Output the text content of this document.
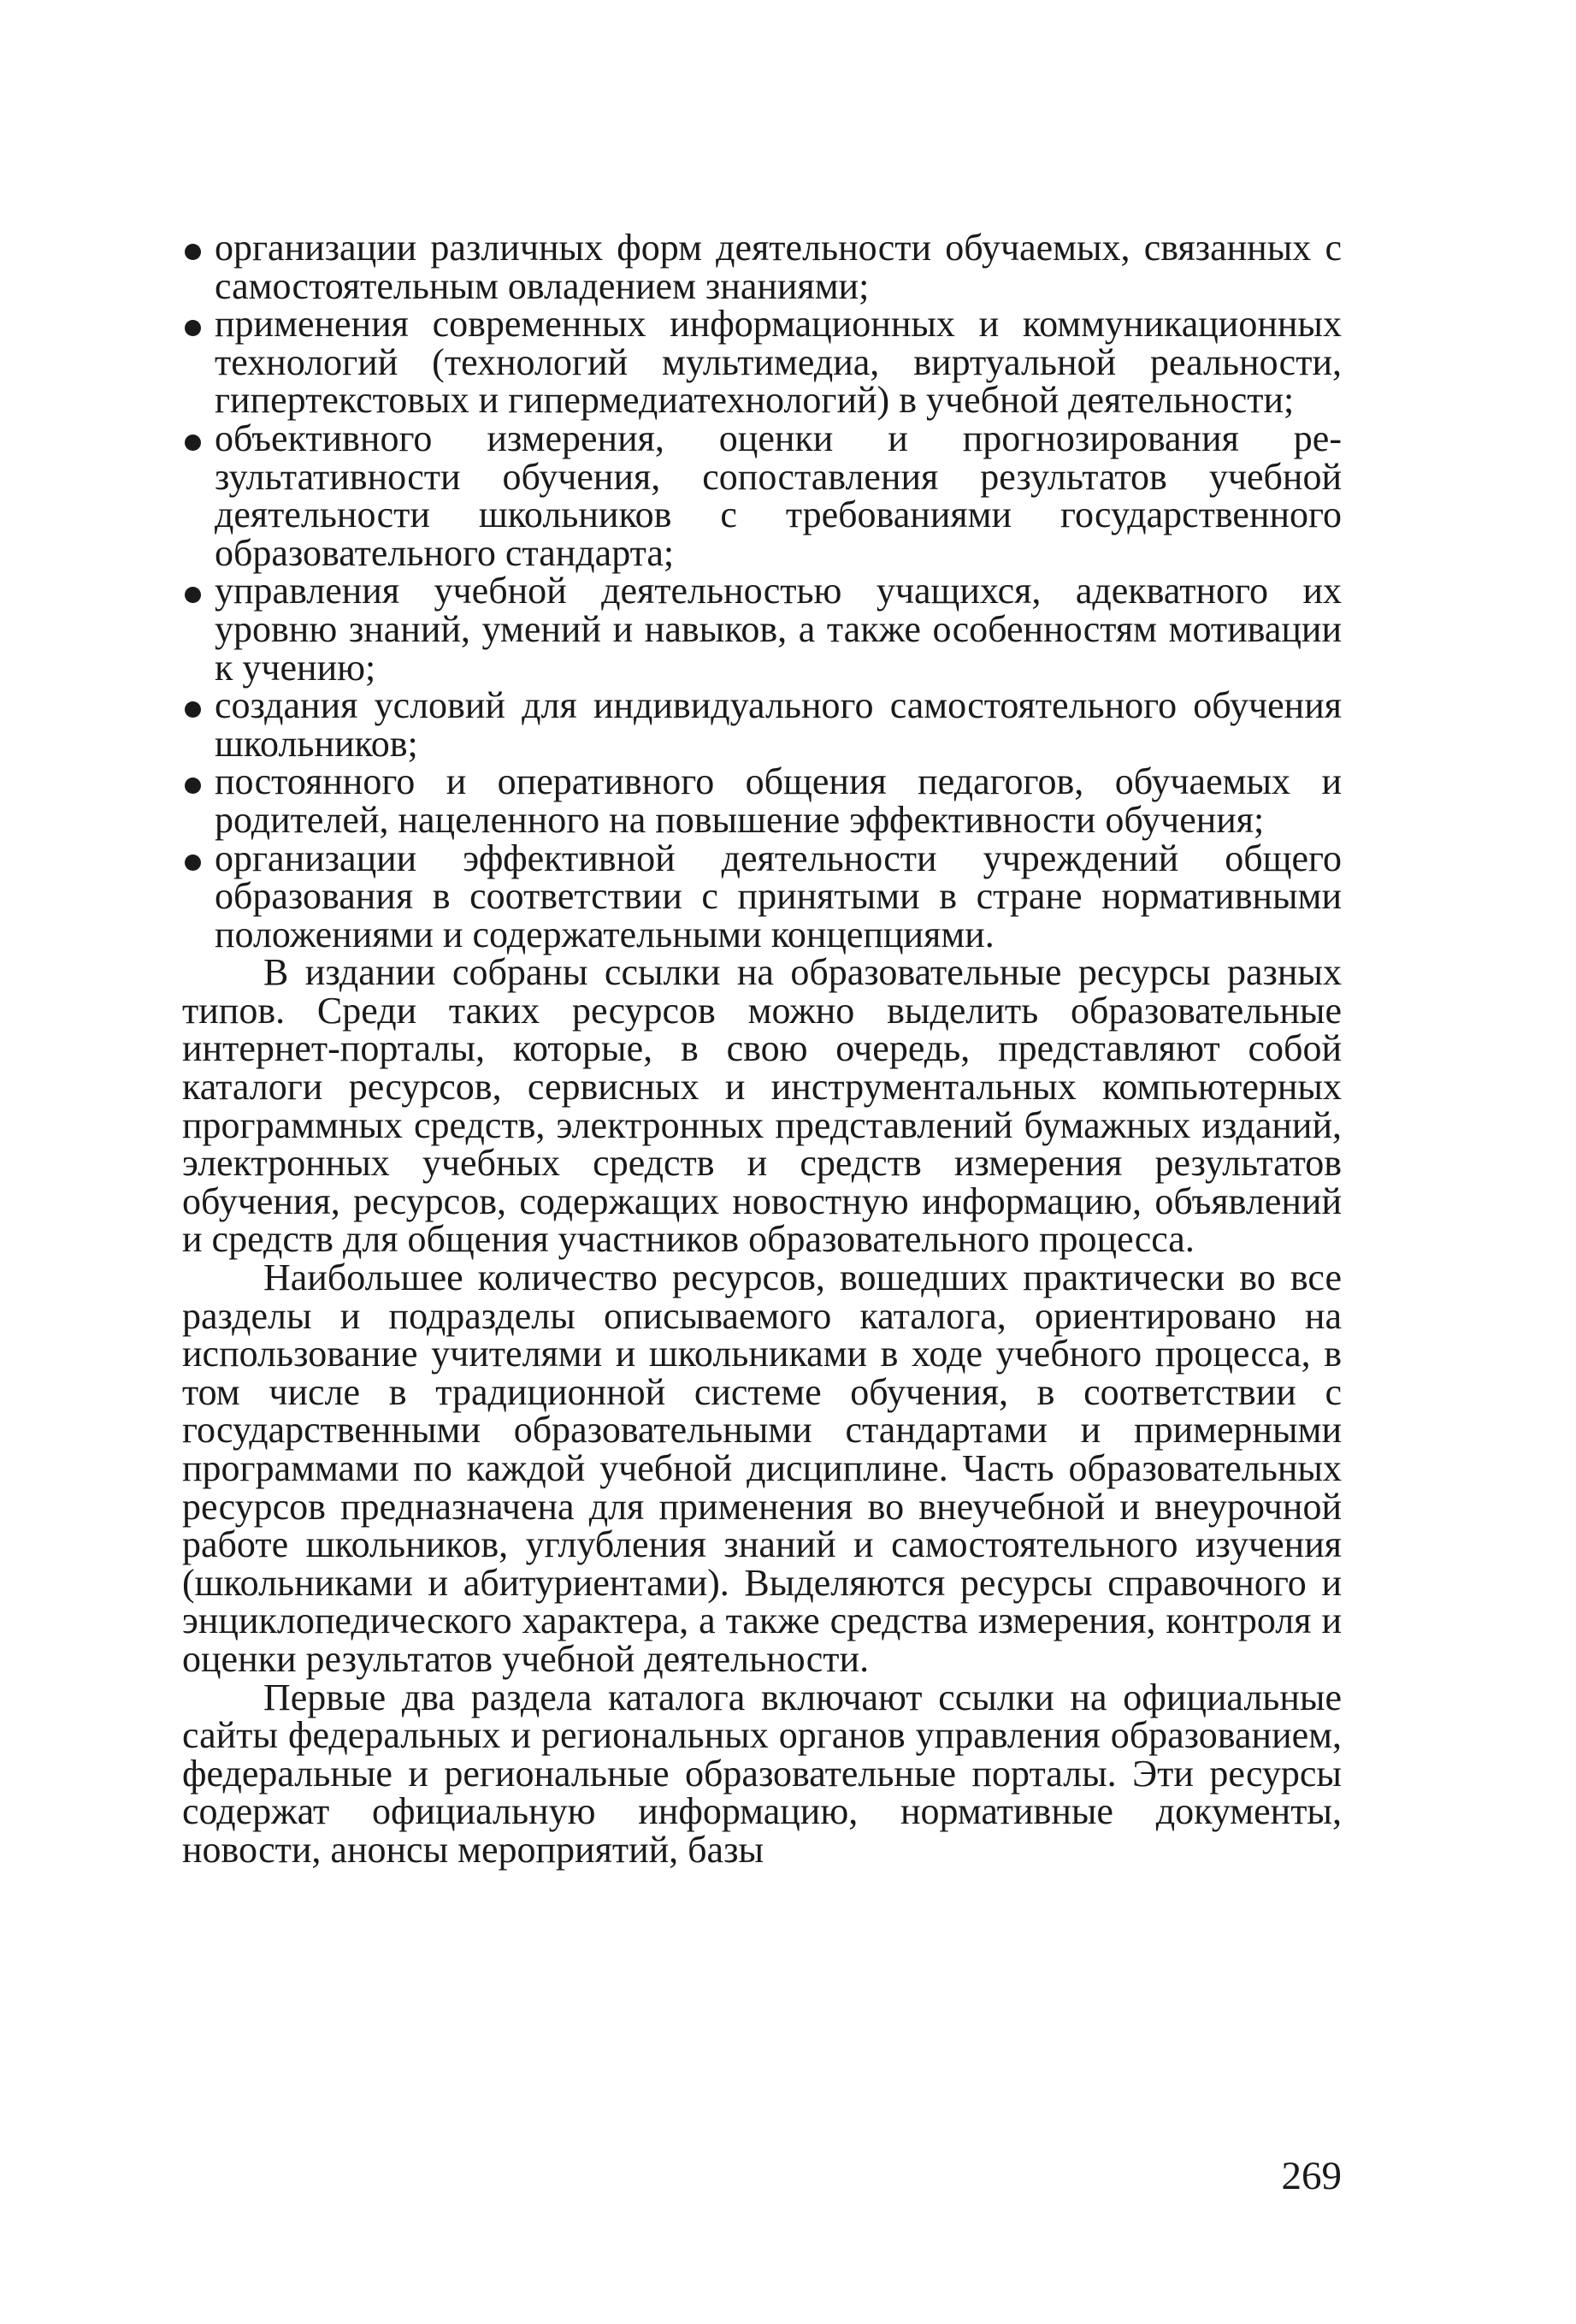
организации различных форм деятельности обучаемых, связанных с самостоятельным овладением знаниями;
применения современных информационных и коммуникационных технологий (технологий мультимедиа, виртуальной реальности, гипертекстовых и гипермедиатехнологий) в учебной деятельности;
объективного измерения, оценки и прогнозирования результативности обучения, сопоставления результатов учебной деятельности школьников с требованиями государственного образовательного стандарта;
управления учебной деятельностью учащихся, адекватного их уровню знаний, умений и навыков, а также особенностям мотивации к учению;
создания условий для индивидуального самостоятельного обучения школьников;
постоянного и оперативного общения педагогов, обучаемых и родителей, нацеленного на повышение эффективности обучения;
организации эффективной деятельности учреждений общего образования в соответствии с принятыми в стране нормативными положениями и содержательными концепциями.

В издании собраны ссылки на образовательные ресурсы разных типов. Среди таких ресурсов можно выделить образовательные интернет-порталы, которые, в свою очередь, представляют собой каталоги ресурсов, сервисных и инструментальных компьютерных программных средств, электронных представлений бумажных изданий, электронных учебных средств и средств измерения результатов обучения, ресурсов, содержащих новостную информацию, объявлений и средств для общения участников образовательного процесса.

Наибольшее количество ресурсов, вошедших практически во все разделы и подразделы описываемого каталога, ориентировано на использование учителями и школьниками в ходе учебного процесса, в том числе в традиционной системе обучения, в соответствии с государственными образовательными стандартами и примерными программами по каждой учебной дисциплине. Часть образовательных ресурсов предназначена для применения во внеучебной и внеурочной работе школьников, углубления знаний и самостоятельного изучения (школьниками и абитуриентами). Выделяются ресурсы справочного и энциклопедического характера, а также средства измерения, контроля и оценки результатов учебной деятельности.

Первые два раздела каталога включают ссылки на официальные сайты федеральных и региональных органов управления образованием, федеральные и региональные образовательные порталы. Эти ресурсы содержат официальную информацию, нормативные документы, новости, анонсы мероприятий, базы

269
